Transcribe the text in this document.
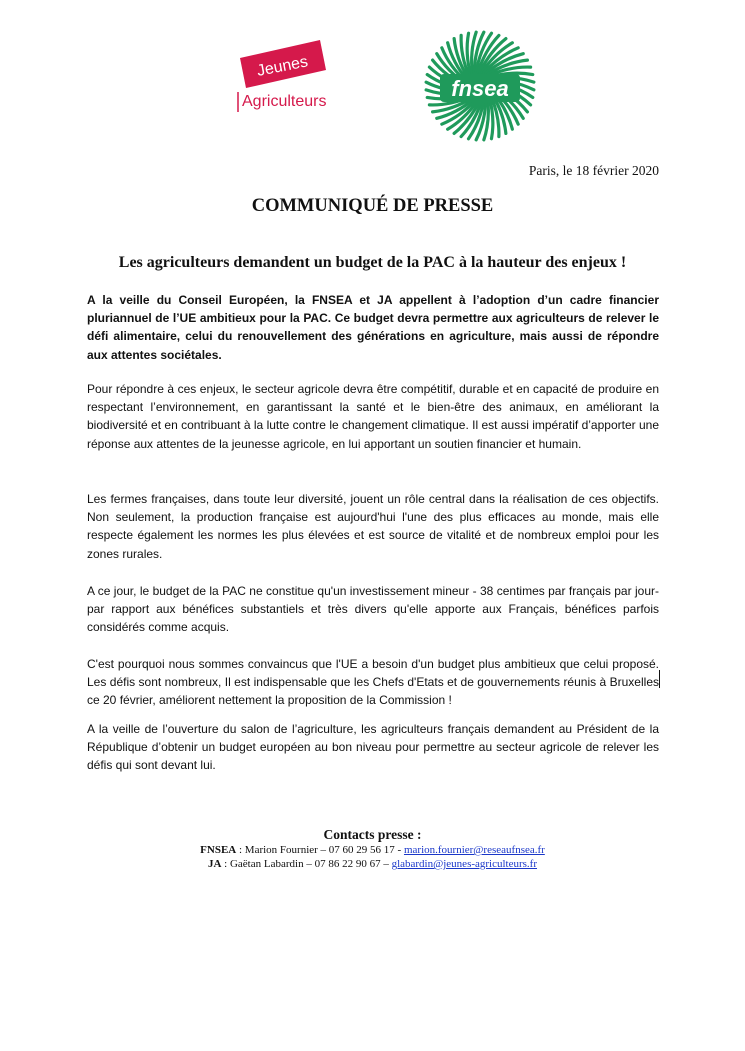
Jeunes
Agriculteurs
fnsea
Paris, le 18 février 2020
COMMUNIQUÉ DE PRESSE
Les agriculteurs demandent un budget de la PAC à la hauteur des enjeux !
A la veille du Conseil Européen, la FNSEA et JA appellent à l’adoption d’un cadre financier pluriannuel de l’UE ambitieux pour la PAC. Ce budget devra permettre aux agriculteurs de relever le défi alimentaire, celui du renouvellement des générations en agriculture, mais aussi de répondre aux attentes sociétales.
Pour répondre à ces enjeux, le secteur agricole devra être compétitif, durable et en capacité de produire en respectant l’environnement, en garantissant la santé et le bien-être des animaux, en améliorant la biodiversité et en contribuant à la lutte contre le changement climatique. Il est aussi impératif d’apporter une réponse aux attentes de la jeunesse agricole, en lui apportant un soutien financier et humain.
Les fermes françaises, dans toute leur diversité, jouent un rôle central dans la réalisation de ces objectifs. Non seulement, la production française est aujourd'hui l'une des plus efficaces au monde, mais elle respecte également les normes les plus élevées et est source de vitalité et de nombreux emploi pour les zones rurales.
A ce jour, le budget de la PAC ne constitue qu'un investissement mineur - 38 centimes par français par jour- par rapport aux bénéfices substantiels et très divers qu'elle apporte aux Français, bénéfices parfois considérés comme acquis.
C'est pourquoi nous sommes convaincus que l'UE a besoin d'un budget plus ambitieux que celui proposé. Les défis sont nombreux, Il est indispensable que les Chefs d'Etats et de gouvernements réunis à Bruxelles ce 20 février, améliorent nettement la proposition de la Commission !
A la veille de l’ouverture du salon de l’agriculture, les agriculteurs français demandent au Président de la République d’obtenir un budget européen au bon niveau pour permettre au secteur agricole de relever les défis qui sont devant lui.
Contacts presse :
FNSEA : Marion Fournier – 07 60 29 56 17 - marion.fournier@reseaufnsea.fr
JA : Gaëtan Labardin – 07 86 22 90 67 – glabardin@jeunes-agriculteurs.fr
